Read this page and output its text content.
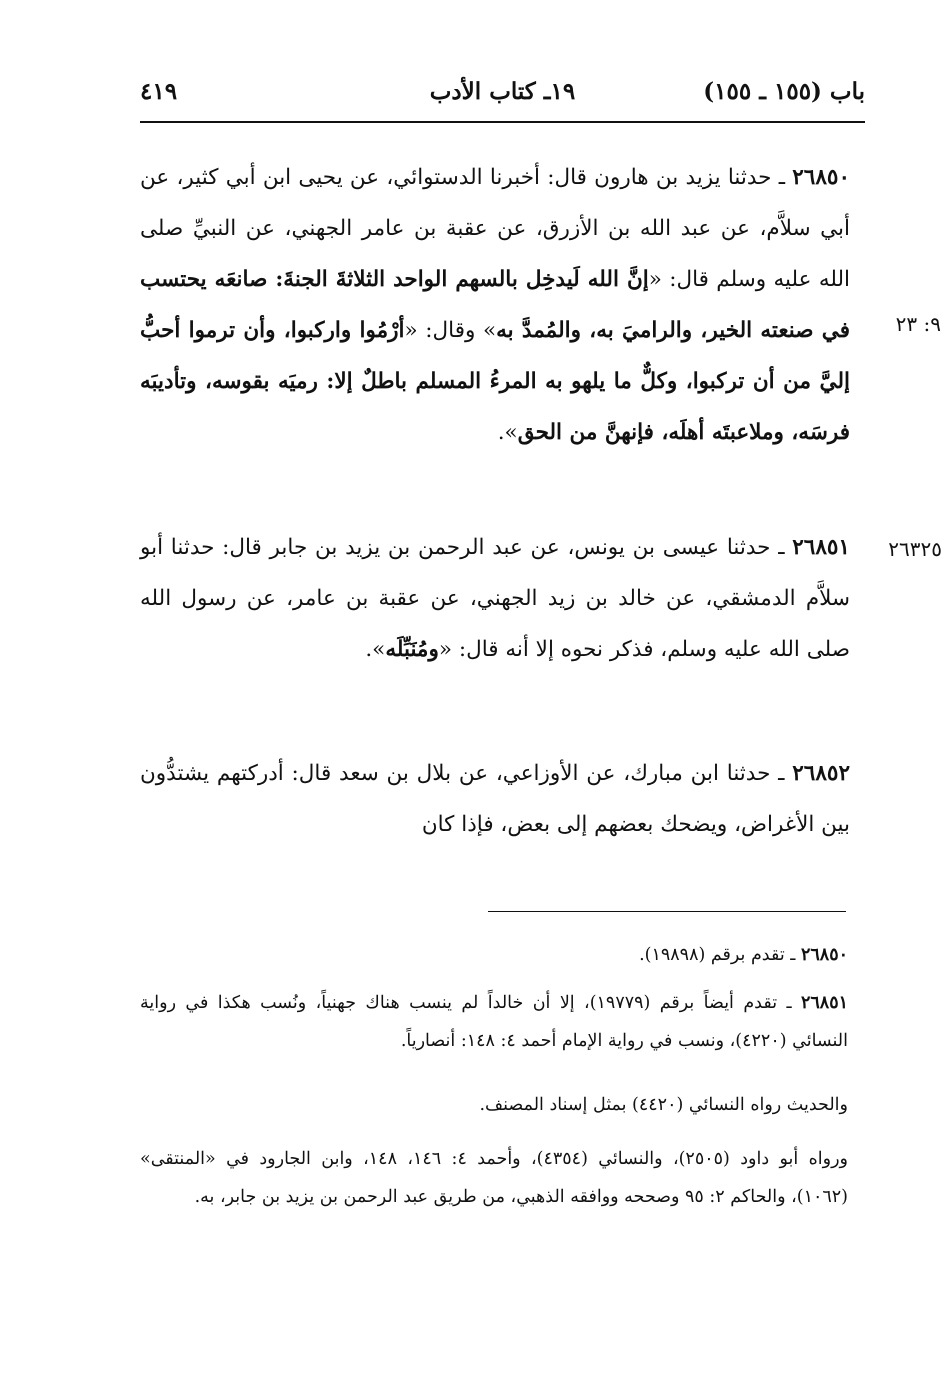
باب (١٥٥ ـ ١٥٥)
١٩ـ كتاب الأدب
٤١٩
٩: ٢٣
٢٦٣٢٥
٢٦٨٥٠ ـ حدثنا يزيد بن هارون قال: أخبرنا الدستوائي، عن يحيى ابن أبي كثير، عن أبي سلاَّم، عن عبد الله بن الأزرق، عن عقبة بن عامر الجهني، عن النبيِّ صلى الله عليه وسلم قال: «إنَّ الله لَيدخِل بالسهم الواحد الثلاثةَ الجنةَ: صانعَه يحتسب في صنعته الخير، والراميَ به، والمُمدَّ به» وقال: «أرْمُوا واركبوا، وأن ترموا أحبُّ إليَّ من أن تركبوا، وكلٌّ ما يلهو به المرءُ المسلم باطلٌ إلا: رميَه بقوسه، وتأديبَه فرسَه، وملاعبتَه أهلَه، فإنهنَّ من الحق».
٢٦٨٥١ ـ حدثنا عيسى بن يونس، عن عبد الرحمن بن يزيد بن جابر قال: حدثنا أبو سلاَّم الدمشقي، عن خالد بن زيد الجهني، عن عقبة بن عامر، عن رسول الله صلى الله عليه وسلم، فذكر نحوه إلا أنه قال: «ومُنَبِّلَه».
٢٦٨٥٢ ـ حدثنا ابن مبارك، عن الأوزاعي، عن بلال بن سعد قال: أدركتهم يشتدُّون بين الأغراض، ويضحك بعضهم إلى بعض، فإذا كان
٢٦٨٥٠ ـ تقدم برقم (١٩٨٩٨).
٢٦٨٥١ ـ تقدم أيضاً برقم (١٩٧٧٩)، إلا أن خالداً لم ينسب هناك جهنياً، ونُسب هكذا في رواية النسائي (٤٢٢٠)، ونسب في رواية الإمام أحمد ٤: ١٤٨: أنصارياً.
والحديث رواه النسائي (٤٤٢٠) بمثل إسناد المصنف.
ورواه أبو داود (٢٥٠٥)، والنسائي (٤٣٥٤)، وأحمد ٤: ١٤٦، ١٤٨، وابن الجارود في «المنتقى» (١٠٦٢)، والحاكم ٢: ٩٥ وصححه ووافقه الذهبي، من طريق عبد الرحمن بن يزيد بن جابر، به.
